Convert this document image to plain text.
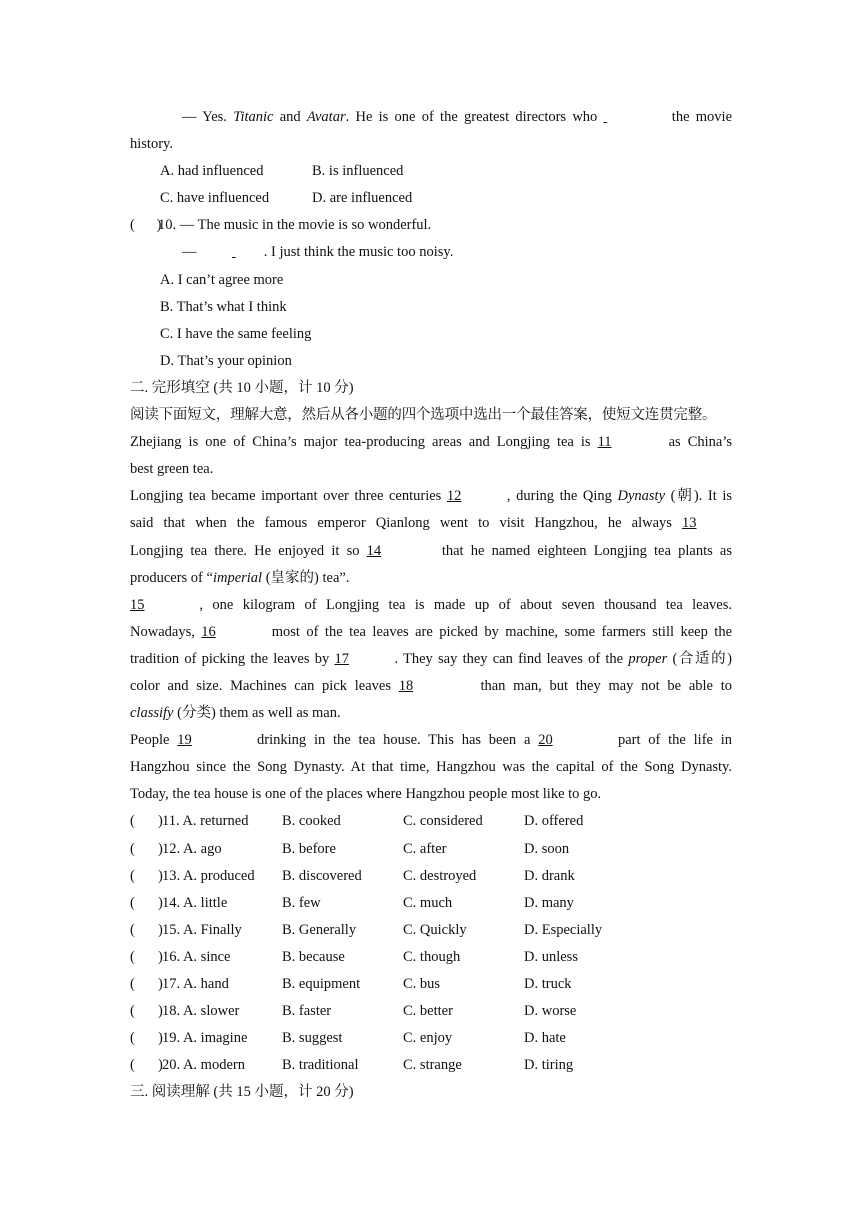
— Yes. Titanic and Avatar. He is one of the greatest directors who	the movie
history.
A. had influenced	B. is influenced
C. have influenced	D. are influenced
(      )10. — The music in the movie is so wonderful.
—	. I just think the music too noisy.
A. I can’t agree more
B. That’s what I think
C. I have the same feeling
D. That’s your opinion
二. 完形填空 (共 10 小题，计 10 分)
阅读下面短文，理解大意，然后从各小题的四个选项中选出一个最佳答案，使短文连贯完整。
Zhejiang is one of China’s major tea-producing areas and Longjing tea is 11	as China’s
best green tea.
Longjing tea became important over three centuries 12	, during the Qing Dynasty (朝). It is
said that when the famous emperor Qianlong went to visit Hangzhou, he always 13
Longjing tea there. He enjoyed it so 14	that he named eighteen Longjing tea plants as
producers of “imperial (皇家的) tea”.
15	, one kilogram of Longjing tea is made up of about seven thousand tea leaves.
Nowadays, 16	most of the tea leaves are picked by machine, some farmers still keep the
tradition of picking the leaves by 17	. They say they can find leaves of the proper (合适的)
color and size. Machines can pick leaves 18	than man, but they may not be able to
classify (分类) them as well as man.
People 19	drinking in the tea house. This has been a 20	part of the life in
Hangzhou since the Song Dynasty. At that time, Hangzhou was the capital of the Song Dynasty.
Today, the tea house is one of the places where Hangzhou people most like to go.
( ) 11. A. returned B. cooked	C. considered	D. offered
( ) 12. A. ago	B. before	C. after	D. soon
( ) 13. A. produced B. discovered	C. destroyed	D. drank
( ) 14. A. little	B. few	C. much	D. many
( ) 15. A. Finally	B. Generally	C. Quickly	D. Especially
( ) 16. A. since	B. because	C. though	D. unless
( ) 17. A. hand	B. equipment	C. bus	D. truck
( ) 18. A. slower	B. faster	C. better	D. worse
( ) 19. A. imagine B. suggest	C. enjoy	D. hate
( ) 20. A. modern	B. traditional	C. strange	D. tiring
三. 阅读理解 (共 15 小题，计 20 分)
